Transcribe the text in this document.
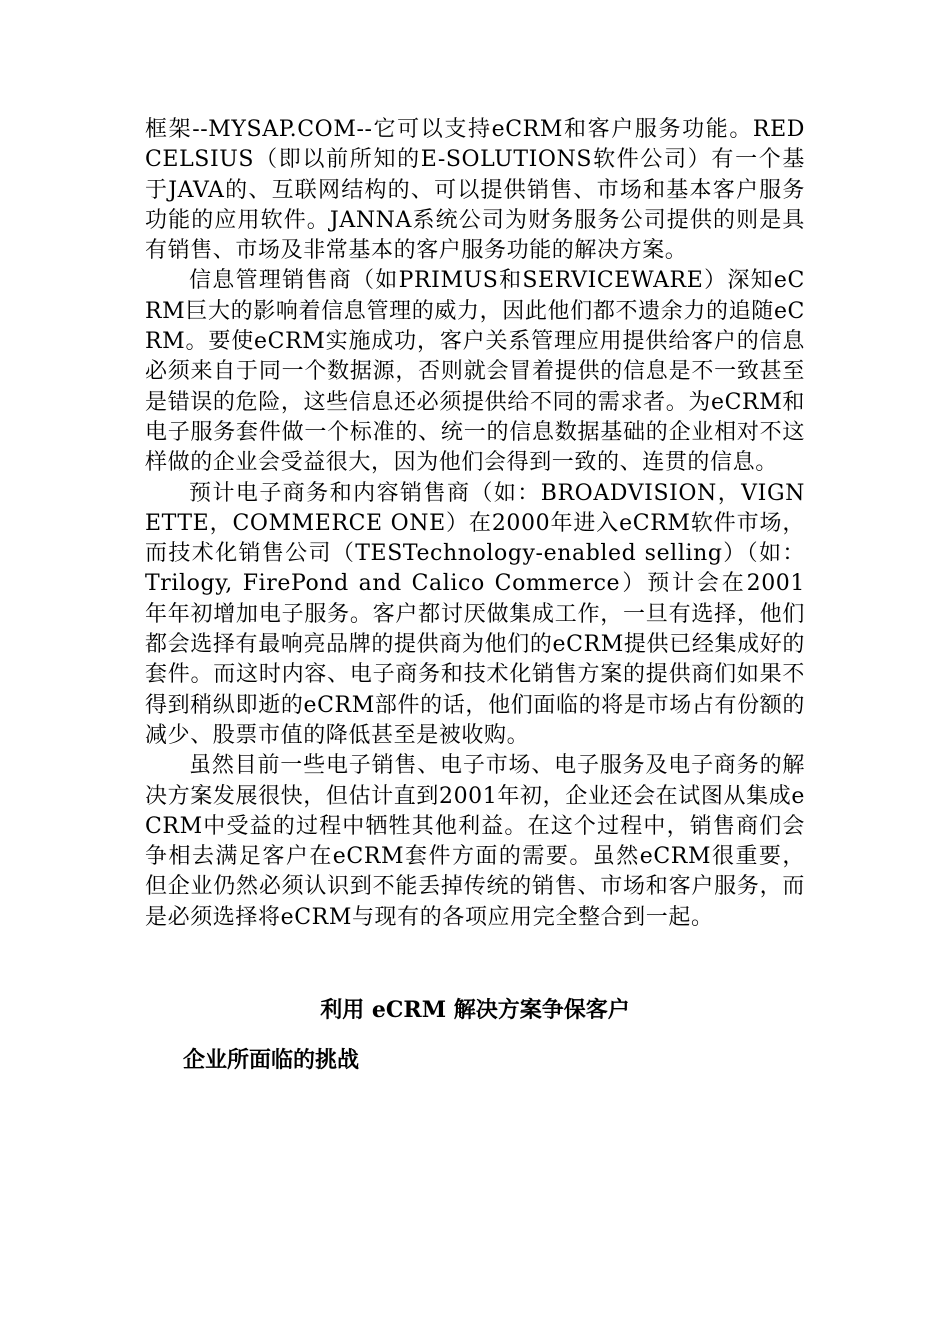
框架--MYSAP.COM--它可以支持eCRM和客户服务功能。REDCELSIUS（即以前所知的E-SOLUTIONS软件公司）有一个基于JAVA的、互联网结构的、可以提供销售、市场和基本客户服务功能的应用软件。JANNA系统公司为财务服务公司提供的则是具有销售、市场及非常基本的客户服务功能的解决方案。

信息管理销售商（如PRIMUS和SERVICEWARE）深知eCRM巨大的影响着信息管理的威力，因此他们都不遗余力的追随eCRM。要使eCRM实施成功，客户关系管理应用提供给客户的信息必须来自于同一个数据源，否则就会冒着提供的信息是不一致甚至是错误的危险，这些信息还必须提供给不同的需求者。为eCRM和电子服务套件做一个标准的、统一的信息数据基础的企业相对不这样做的企业会受益很大，因为他们会得到一致的、连贯的信息。

预计电子商务和内容销售商（如：BROADVISION，VIGNETTE，COMMERCE ONE）在2000年进入eCRM软件市场，而技术化销售公司（TESTechnology-enabled selling）（如：Trilogy, FirePond and Calico Commerce）预计会在2001年年初增加电子服务。客户都讨厌做集成工作，一旦有选择，他们都会选择有最响亮品牌的提供商为他们的eCRM提供已经集成好的套件。而这时内容、电子商务和技术化销售方案的提供商们如果不得到稍纵即逝的eCRM部件的话，他们面临的将是市场占有份额的减少、股票市值的降低甚至是被收购。

虽然目前一些电子销售、电子市场、电子服务及电子商务的解决方案发展很快，但估计直到2001年初，企业还会在试图从集成eCRM中受益的过程中牺牲其他利益。在这个过程中，销售商们会争相去满足客户在eCRM套件方面的需要。虽然eCRM很重要，但企业仍然必须认识到不能丢掉传统的销售、市场和客户服务，而是必须选择将eCRM与现有的各项应用完全整合到一起。

利用 eCRM 解决方案争保客户
企业所面临的挑战
